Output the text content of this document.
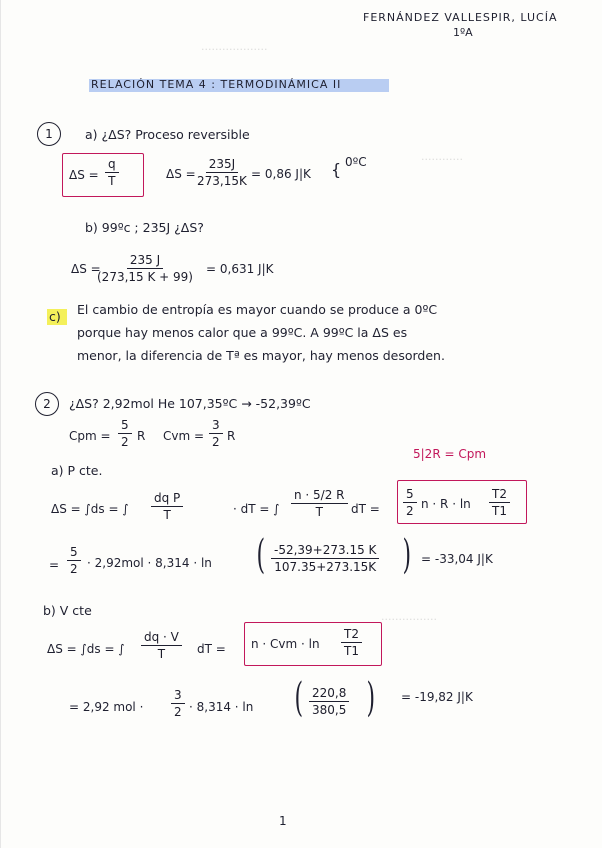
...................
............
................
FERNÁNDEZ VALLESPIR, LUCÍA
1ºA
RELACIÓN TEMA 4 : TERMODINÁMICA II
1	a) ¿ΔS? Proceso reversible
$\Delta S = \frac{q}{T}$	$\Delta S = \frac{235J}{273,15K} = 0,86$ J|K { 0ºC
b) 99ºc ; 235J ¿ΔS?
ΔS =
$\frac{235 J}{(273,15 K + 99)} = 0,631$ J|K
c) El cambio de entropía es mayor cuando se produce a 0ºC
porque hay menos calor que a 99ºC. A 99ºC la ΔS es
menor, la diferencia de Tª es mayor, hay menos desorden.
2 ¿ΔS? 2,92mol He 107,35ºC → -52,39ºC
Cpm = $\frac{5}{2}$ R Cvm = $\frac{3}{2}$ R
5|2R = Cpm
a) P cte.
ΔS = ∫ds = ∫ $\frac{\text{dq P}}{T}$	· dT = ∫ $\frac{n \cdot 5/2 R}{T}$ dT = $\frac{5}{2}$ $n \cdot R \cdot \ln \frac{T2}{T1}$
= $\frac{5}{2} \cdot 2,92mol \cdot 8,314 \cdot \ln$ ( $\frac{-52,39+273.15 K}{107.35+273.15K}$ ) = -33,04 J|K
b) V cte
ΔS = ∫ds = ∫ $\frac{dq \cdot V}{T}$ dT = n · Cvm · $\ln \frac{T2}{T1}$
= 2,92 mol · $\frac{3}{2} \cdot 8,314 \cdot \ln$ ( $\frac{220,8}{380,5}$ ) = -19,82 J|K
1
